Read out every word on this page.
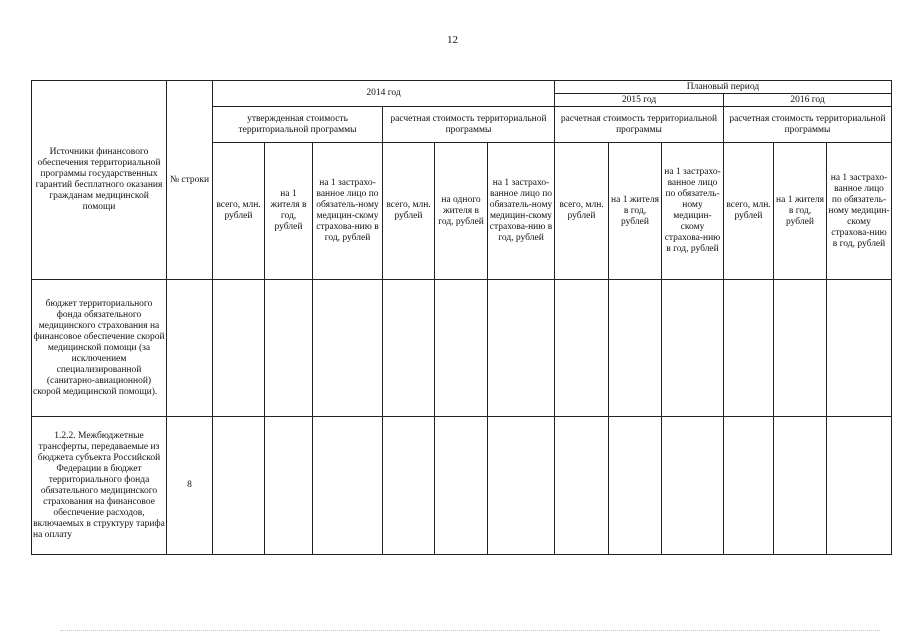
12
Источники финансового обеспечения территориальной программы государственных гарантий бесплатного оказания гражданам медицинской помощи	№ строки	2014 год						Плановый период					
								2015 год			2016 год		
		утвержденная стоимость территориальной программы			расчетная стоимость территориальной программы			расчетная стоимость территориальной программы			расчетная стоимость территориальной программы		
		всего, млн. рублей	на 1 жителя в год, рублей	на 1 застрахо-ванное лицо по обязатель-ному медицин-скому страхова-нию в год, рублей	всего, млн. рублей	на одного жителя в год, рублей	на 1 застрахо-ванное лицо по обязатель-ному медицин-скому страхова-нию в год, рублей	всего, млн. рублей	на 1 жителя в год, рублей	на 1 застрахо-ванное лицо по обязатель-ному медицин-скому страхова-нию в год, рублей	всего, млн. рублей	на 1 жителя в год, рублей	на 1 застрахо-ванное лицо по обязатель-ному медицин-скому страхова-нию в год, рублей

бюджет территориального фонда обязательного медицинского страхования на финансовое обеспечение скорой медицинской помощи (за исключением специализированной (санитарно-авиационной) скорой медицинской помощи).													
1.2.2. Межбюджетные трансферты, передаваемые из бюджета субъекта Российской Федерации в бюджет территориального фонда обязательного медицинского страхования на финансовое обеспечение расходов, включаемых в структуру тарифа на оплату	8												
